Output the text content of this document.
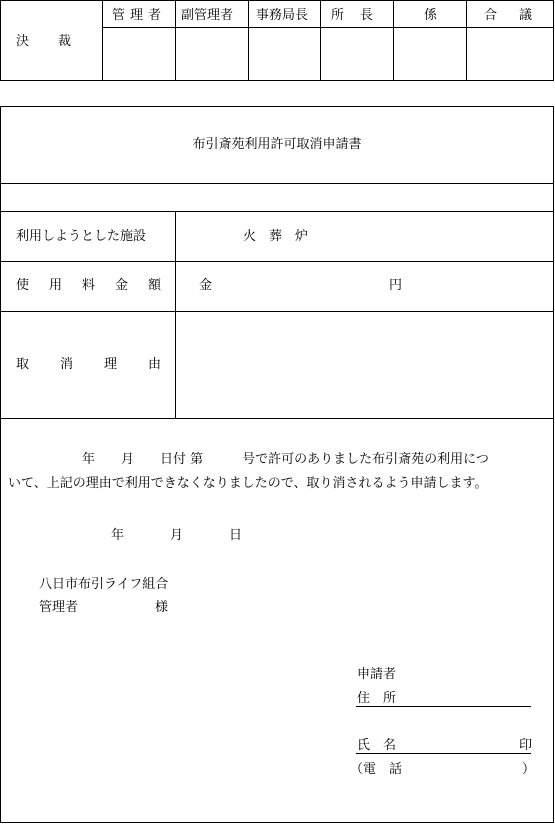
決　裁
管理者 副管理者 事務局長 所長	係	合議
布引斎苑利用許可取消申請書
利用しようとした施設	火　葬　炉
使用料金額 金	円
取消理由
年　　月　　日付 第　　　号で許可のありました布引斎苑の利用につ
いて、上記の理由で利用できなくなりましたので、取り消されるよう申請します。
年	月	日
八日市布引ライフ組合
管理者	様
申請者
住　所
氏　名	印
（電　話	）
